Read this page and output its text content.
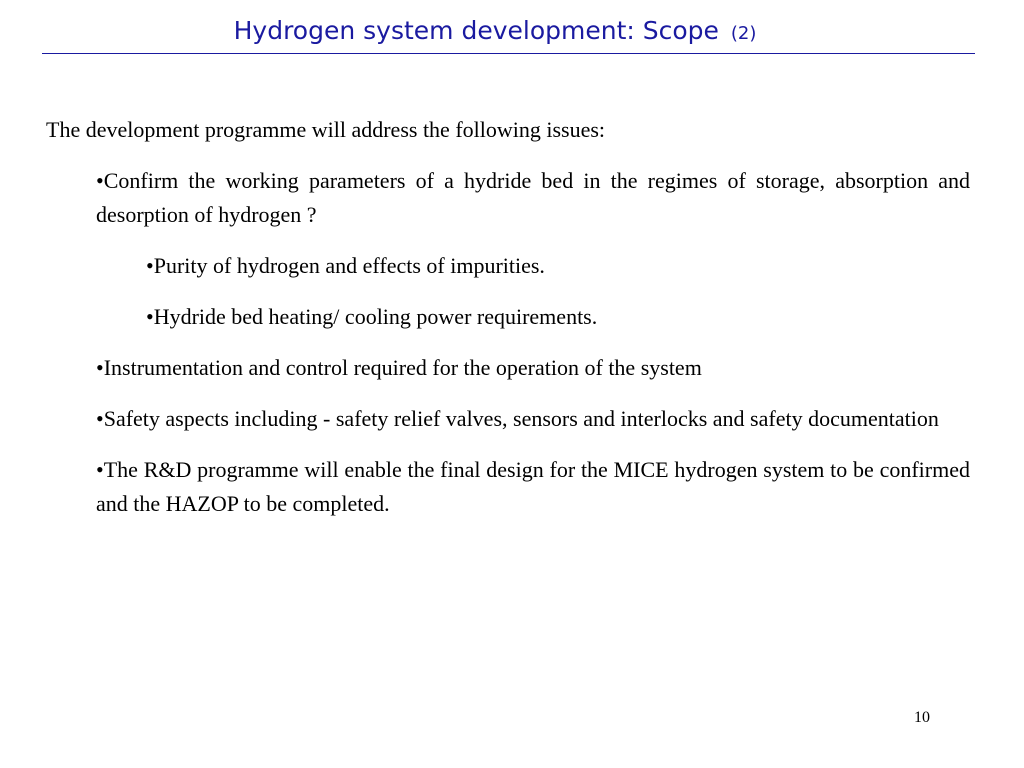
Hydrogen system development: Scope (2)

The development programme will address the following issues:

•Confirm the working parameters of a hydride bed in the regimes of storage, absorption and desorption of hydrogen ?

•Purity of hydrogen and effects of impurities.

•Hydride bed heating/ cooling power requirements.

•Instrumentation and control required for the operation of the system

•Safety aspects including - safety relief valves, sensors and interlocks and safety documentation

•The R&D programme will enable the final design for the MICE hydrogen system to be confirmed and the HAZOP to be completed.

10
